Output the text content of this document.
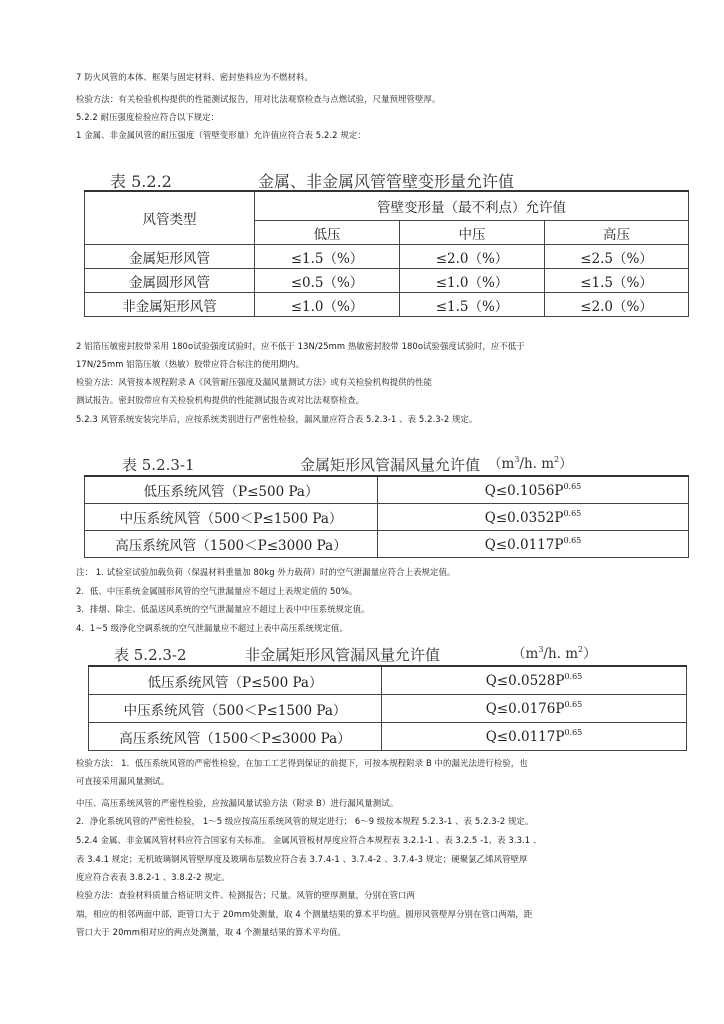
7 防火风管的本体、框架与固定材料、密封垫料应为不燃材料。
检验方法：有关检验机构提供的性能测试报告，用对比法观察检查与点燃试验，尺量预埋管壁厚。
5.2.2 耐压强度检验应符合以下规定：
1 金属、非金属风管的耐压强度（管壁变形量）允许值应符合表 5.2.2 规定：
表 5.2.2	金属、非金属风管管壁变形量允许值
风管类型	管壁变形量（最不利点）允许值		
	低压	中压	高压
金属矩形风管	≤1.5（%）	≤2.0（%）	≤2.5（%）
金属圆形风管	≤0.5（%）	≤1.0（%）	≤1.5（%）
非金属矩形风管	≤1.0（%）	≤1.5（%）	≤2.0（%）
2 铝箔压敏密封胶带采用 180o试验强度试验时，应不低于 13N/25mm 热敏密封胶带 180o试验强度试验时，应不低于
17N/25mm 铝箔压敏（热敏）胶带应符合标注的使用期内。
检验方法：风管按本规程附录 A《风管耐压强度及漏风量测试方法》或有关检验机构提供的性能
测试报告。密封胶带应有关检验机构提供的性能测试报告或对比法观察检查。
5.2.3 风管系统安装完毕后，应按系统类别进行严密性检验，漏风量应符合表 5.2.3-1 、表 5.2.3-2 规定。
表 5.2.3-1	金属矩形风管漏风量允许值 （$m^3/h$. $m^2$）
低压系统风管（P≤500 Pa）	$Q\le 0.1056P^{0.65}$
中压系统风管（500＜P≤1500 Pa）	$Q\le 0.0352P^{0.65}$
高压系统风管（1500＜P≤3000 Pa）	$Q\le 0.0117P^{0.65}$
注： 1. 试验室试验加载负荷（保温材料重量加 80kg 外力载荷）时的空气泄漏量应符合上表规定值。
2．低、中压系统金属圆形风管的空气泄漏量应不超过上表规定值的 50%。
3．排烟、除尘、低温送风系统的空气泄漏量应不超过上表中中压系统规定值。
4．1~5 级净化空调系统的空气泄漏量应不超过上表中高压系统规定值。
表 5.2.3-2	非金属矩形风管漏风量允许值	（$m^3/h$. $m^2$）
低压系统风管（P≤500 Pa）	$Q\le 0.0528P^{0.65}$
中压系统风管（500＜P≤1500 Pa）	$Q\le 0.0176P^{0.65}$
高压系统风管（1500＜P≤3000 Pa）	$Q\le 0.0117P^{0.65}$
检验方法： 1．低压系统风管的严密性检验，在加工工艺得到保证的前提下，可按本规程附录 B 中的漏光法进行检验，也
可直接采用漏风量测试。
中压、高压系统风管的严密性检验，应按漏风量试验方法（附录 B）进行漏风量测试。
2．净化系统风管的严密性检验， 1～5 级应按高压系统风管的规定进行； 6～9 级按本规程 5.2.3-1 、表 5.2.3-2 规定。
5.2.4 金属、非金属风管材料应符合国家有关标准。 金属风管板材厚度应符合本规程表 3.2.1-1 、表 3.2.5 -1、表 3.3.1 、
表 3.4.1 规定；无机玻璃钢风管壁厚度及玻璃布层数应符合表 3.7.4-1 、3.7.4-2 、3.7.4-3 规定；硬聚氯乙烯风管壁厚
度应符合表表 3.8.2-1 、3.8.2-2 规定。
检验方法：查验材料质量合格证明文件、检测报告；尺量。风管的壁厚测量，分别在管口两
端，相应的相邻两面中部，距管口大于 20mm处测量，取 4 个测量结果的算术平均值。圆形风管壁厚分别在管口两端，距
管口大于 20mm相对应的两点处测量，取 4 个测量结果的算术平均值。
